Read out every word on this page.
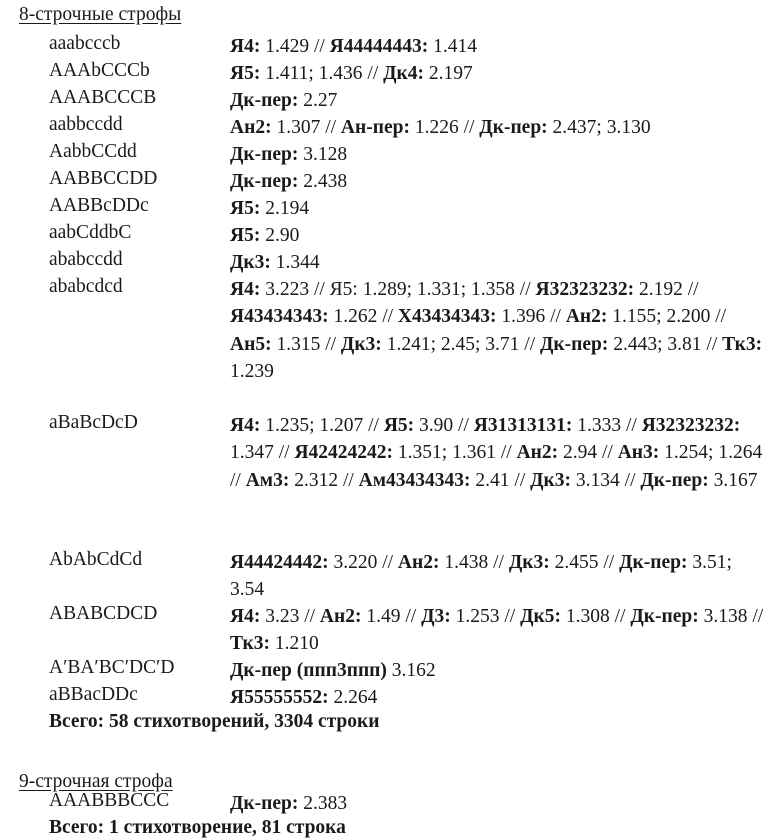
8-строчные строфы
aaabcccb	Я4: 1.429 // Я44444443: 1.414
AAAbCCCb	Я5: 1.411; 1.436 // Дк4: 2.197
AAABCCCB	Дк-пер: 2.27
aabbccdd	Ан2: 1.307 // Ан-пер: 1.226 // Дк-пер: 2.437; 3.130
AabbCCdd	Дк-пер: 3.128
AABBCCDD	Дк-пер: 2.438
AABBcDDc	Я5: 2.194
aabCddbC	Я5: 2.90
ababccdd	Дк3: 1.344
ababcdcd	Я4: 3.223 // Я5: 1.289; 1.331; 1.358 // Я32323232: 2.192 // Я43434343: 1.262 // Х43434343: 1.396 // Ан2: 1.155; 2.200 // Ан5: 1.315 // Дк3: 1.241; 2.45; 3.71 // Дк-пер: 2.443; 3.81 // Тк3: 1.239
aBaBcDcD	Я4: 1.235; 1.207 // Я5: 3.90 // Я31313131: 1.333 // Я32323232: 1.347 // Я42424242: 1.351; 1.361 // Ан2: 2.94 // Ан3: 1.254; 1.264 // Ам3: 2.312 // Ам43434343: 2.41 // Дк3: 3.134 // Дк-пер: 3.167
AbAbCdCd	Я44424442: 3.220 // Ан2: 1.438 // Дк3: 2.455 // Дк-пер: 3.51; 3.54
ABABCDCD	Я4: 3.23 // Ан2: 1.49 // Д3: 1.253 // Дк5: 1.308 // Дк-пер: 3.138 // Тк3: 1.210
A′BA′BC′DC′D	Дк-пер (ппп3ппп) 3.162
aBBacDDc	Я55555552: 2.264
Всего: 58 стихотворений, 3304 строки
9-строчная строфа
AAABBBCCC	Дк-пер: 2.383
Всего: 1 стихотворение, 81 строка
